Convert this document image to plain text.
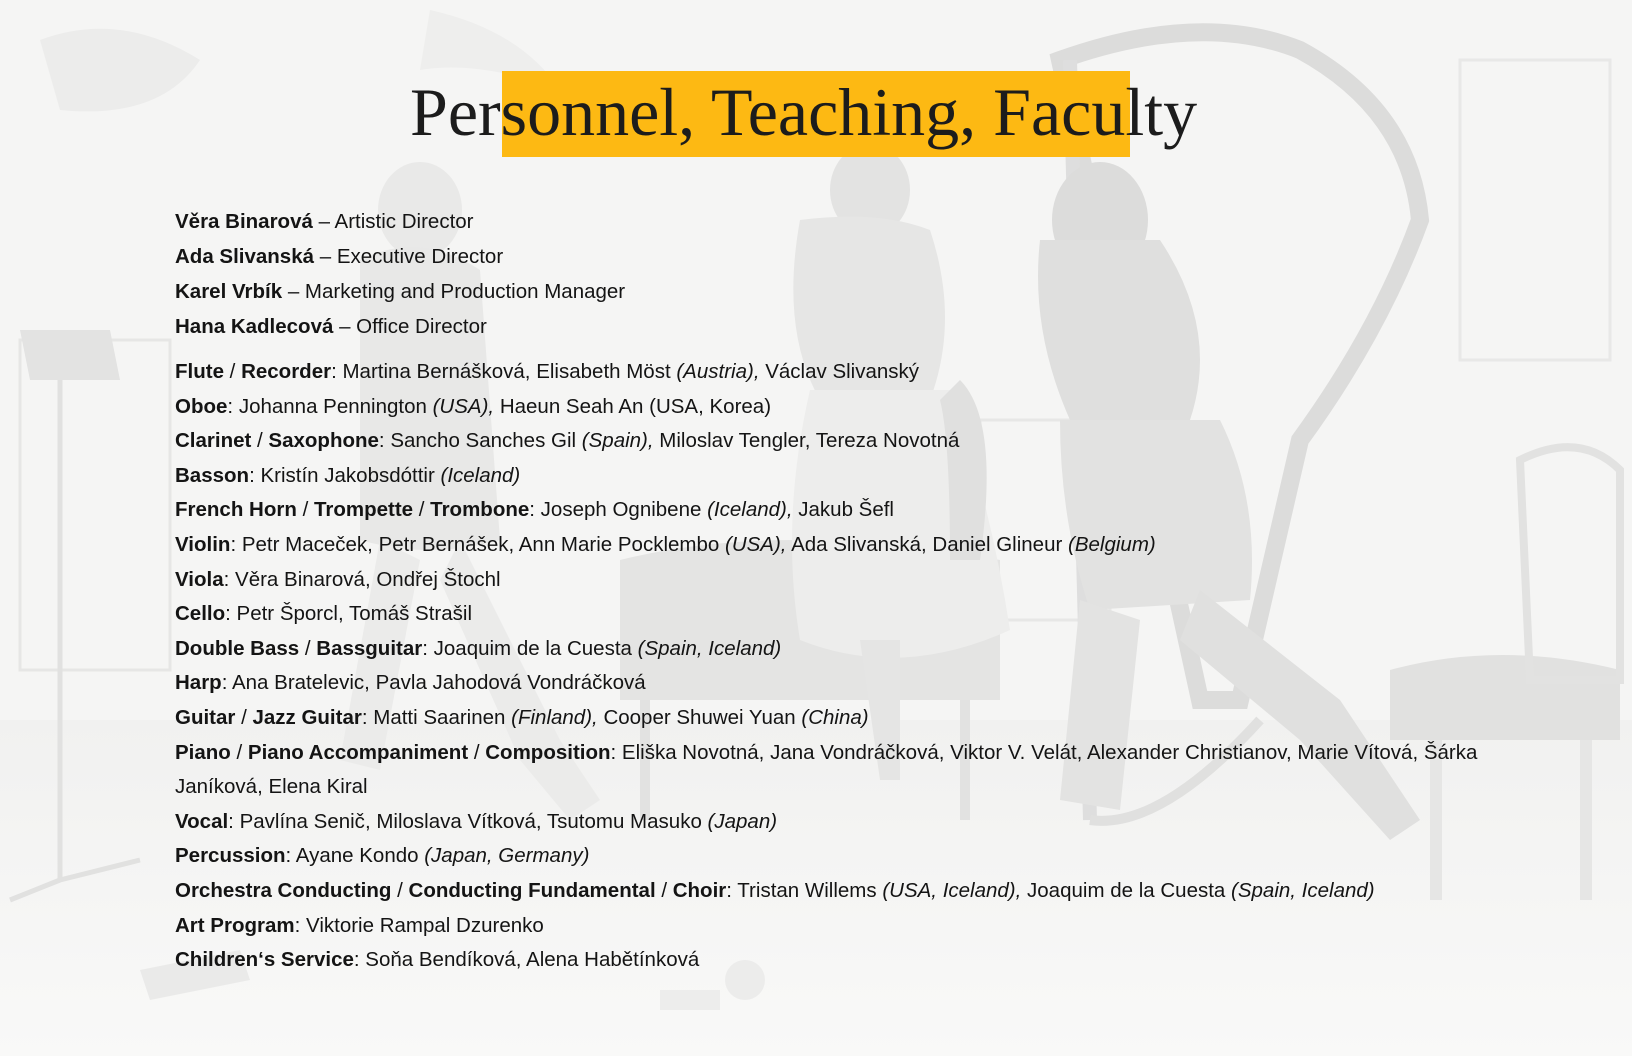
Personnel, Teaching, Faculty
Věra Binarová – Artistic Director
Ada Slivanská – Executive Director
Karel Vrbík – Marketing and Production Manager
Hana Kadlecová – Office Director
Flute / Recorder: Martina Bernášková, Elisabeth Möst (Austria), Václav Slivanský
Oboe: Johanna Pennington (USA), Haeun Seah An (USA, Korea)
Clarinet / Saxophone: Sancho Sanches Gil (Spain), Miloslav Tengler, Tereza Novotná
Basson: Kristín Jakobsdóttir (Iceland)
French Horn / Trompette / Trombone: Joseph Ognibene (Iceland), Jakub Šefl
Violin: Petr Maceček, Petr Bernášek, Ann Marie Pocklembo (USA), Ada Slivanská, Daniel Glineur (Belgium)
Viola: Věra Binarová, Ondřej Štochl
Cello: Petr Šporcl, Tomáš Strašil
Double Bass / Bassguitar: Joaquim de la Cuesta (Spain, Iceland)
Harp: Ana Bratelevic, Pavla Jahodová Vondráčková
Guitar / Jazz Guitar: Matti Saarinen (Finland), Cooper Shuwei Yuan (China)
Piano / Piano Accompaniment / Composition: Eliška Novotná, Jana Vondráčková, Viktor V. Velát, Alexander Christianov, Marie Vítová, Šárka Janíková, Elena Kiral
Vocal: Pavlína Senič, Miloslava Vítková, Tsutomu Masuko (Japan)
Percussion: Ayane Kondo (Japan, Germany)
Orchestra Conducting / Conducting Fundamental / Choir: Tristan Willems (USA, Iceland), Joaquim de la Cuesta (Spain, Iceland)
Art Program: Viktorie Rampal Dzurenko
Children‘s Service: Soňa Bendíková, Alena Habětínková
